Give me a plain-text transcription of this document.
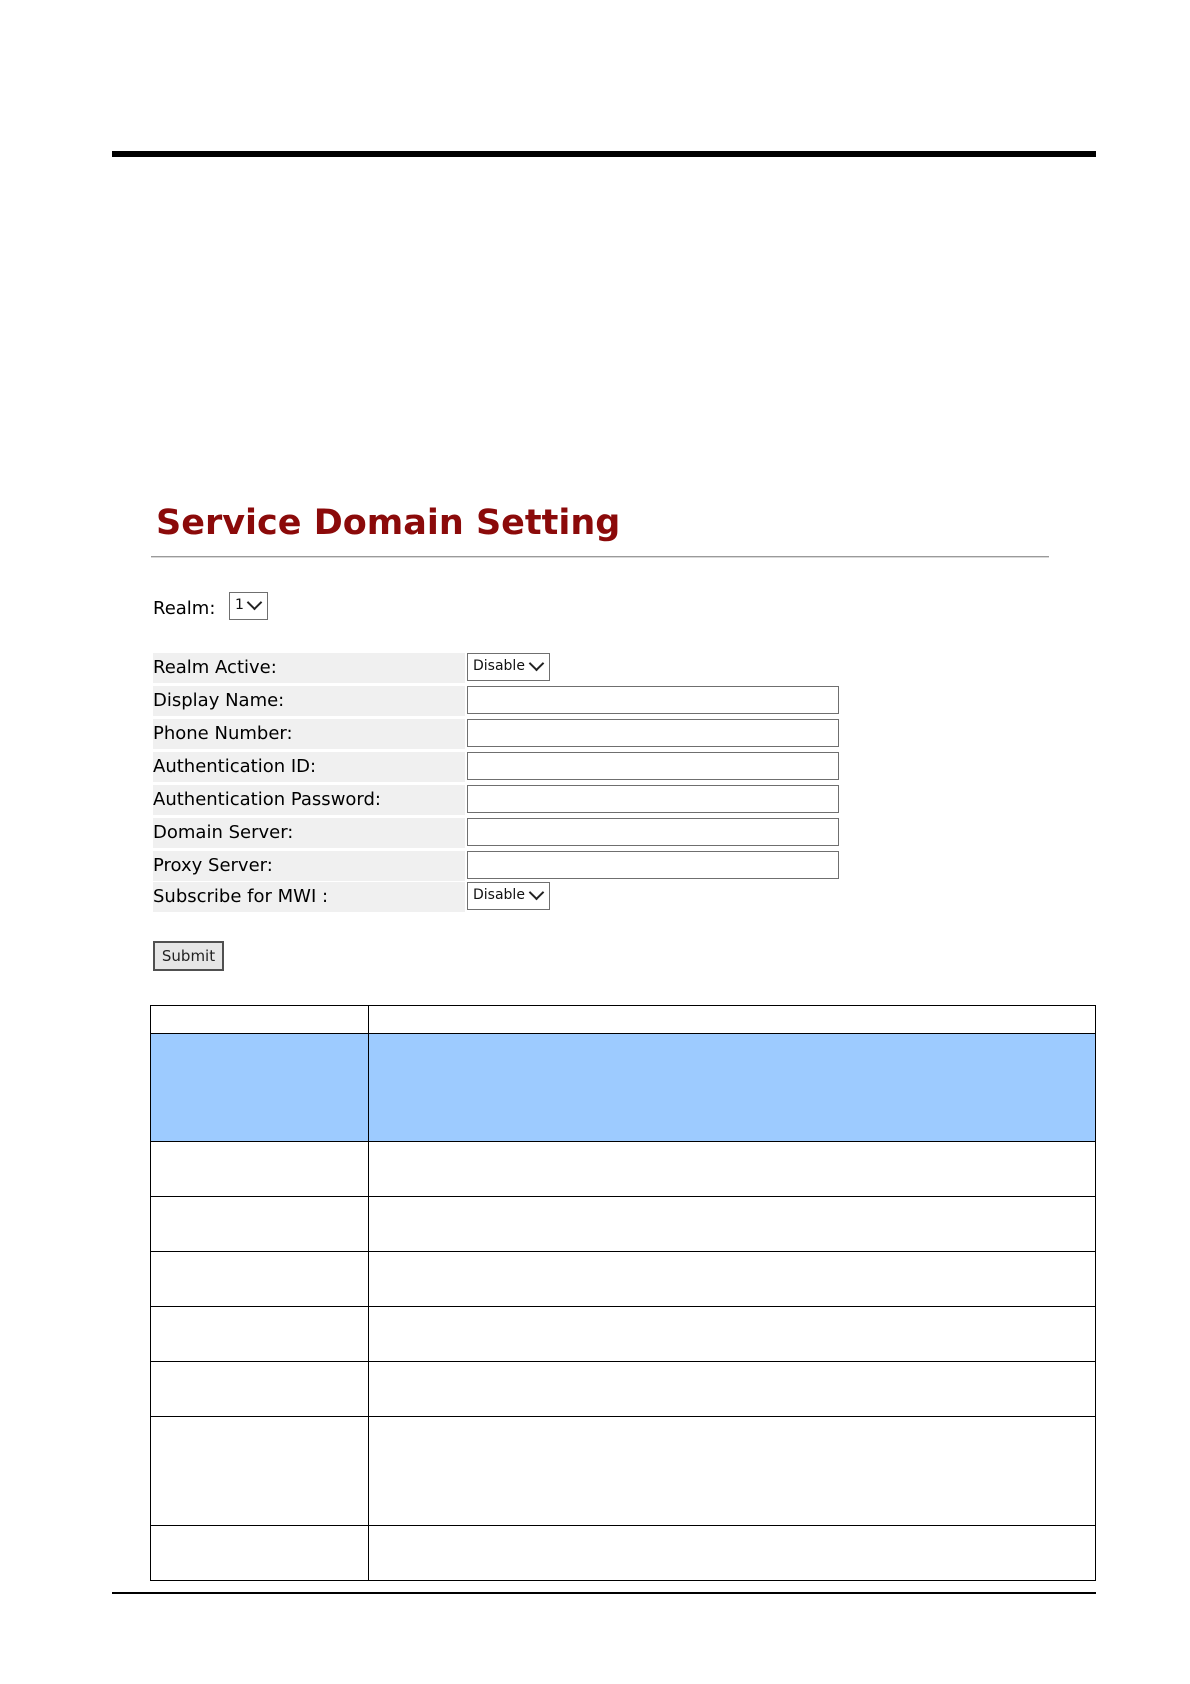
Service Domain Setting
Realm:	1
Realm Active:	Disable
Display Name:
Phone Number:
Authentication ID:
Authentication Password:
Domain Server:
Proxy Server:
Subscribe for MWI :	Disable
Submit
